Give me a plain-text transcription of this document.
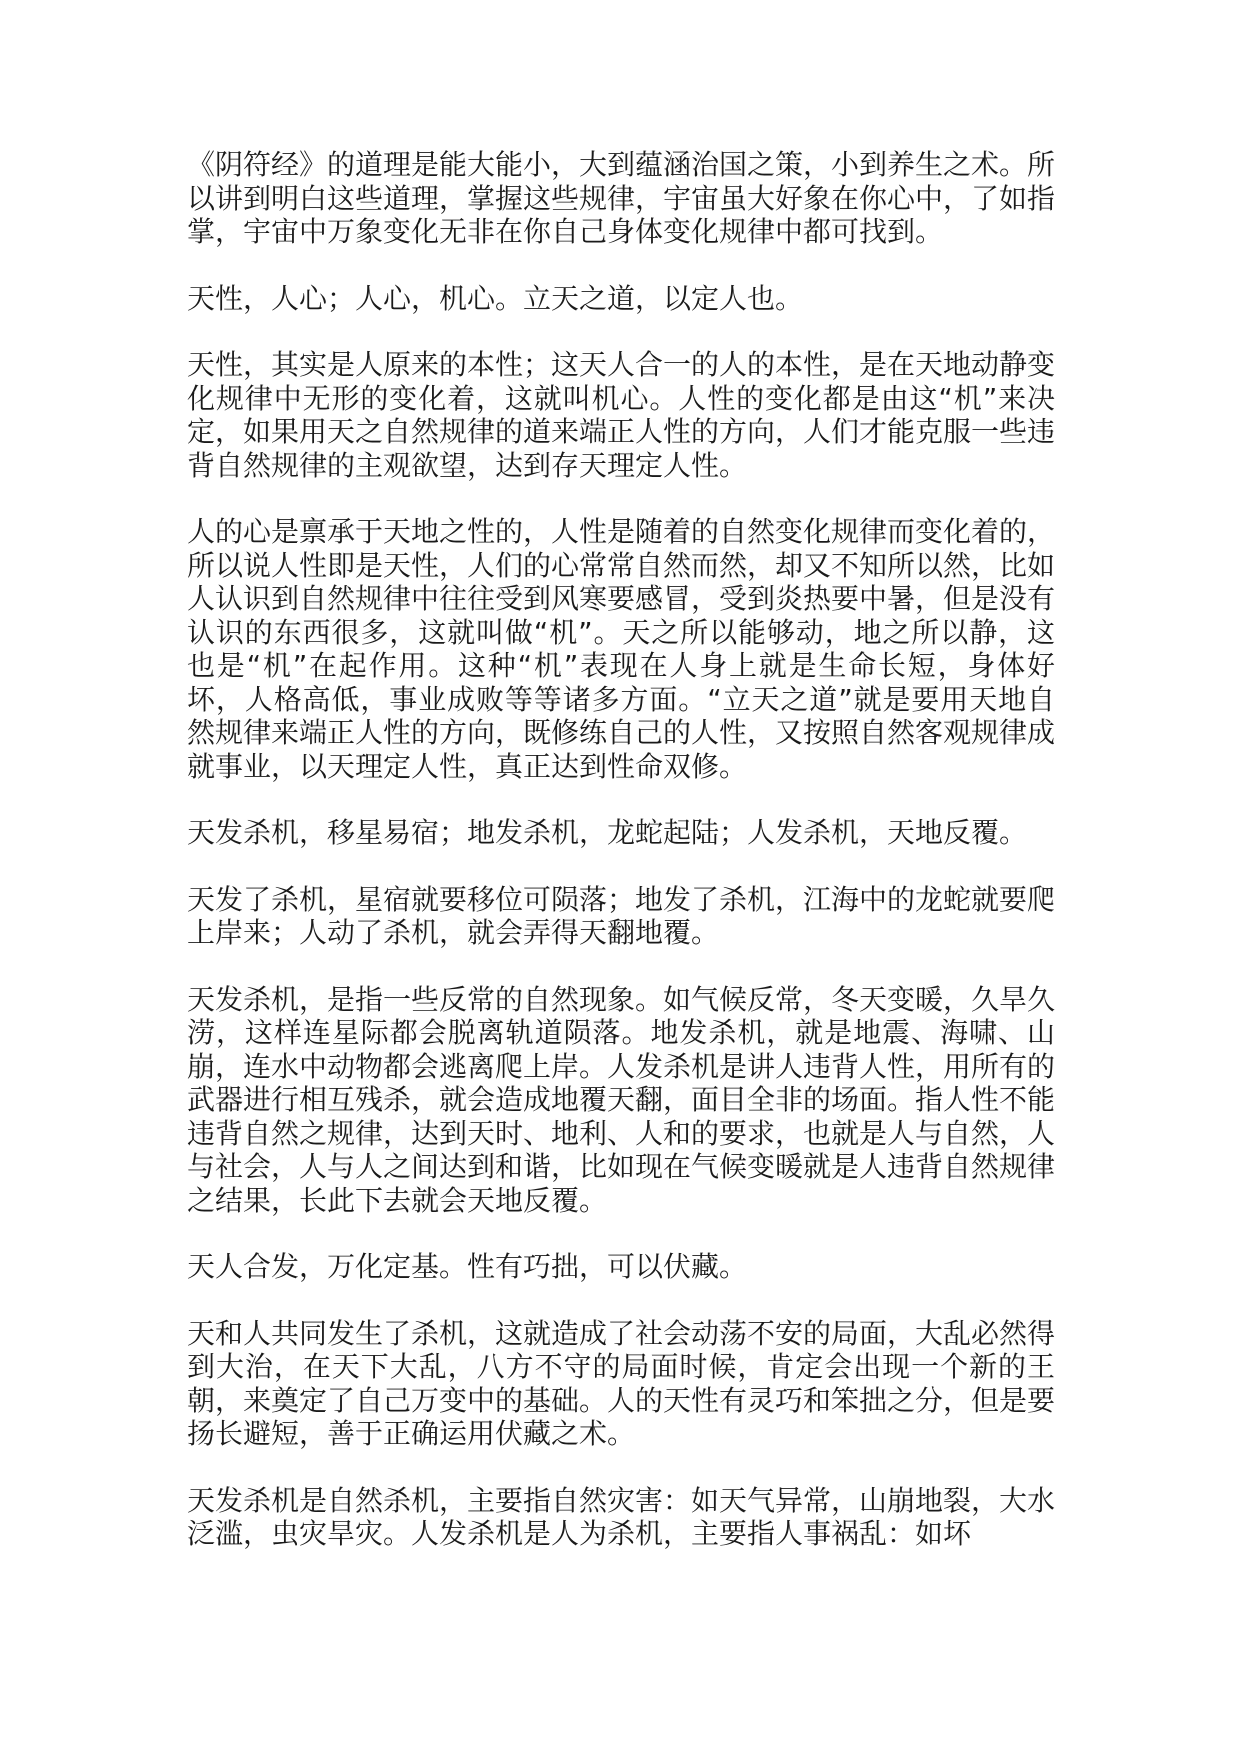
《阴符经》的道理是能大能小，大到蕴涵治国之策，小到养生之术。所以讲到明白这些道理，掌握这些规律，宇宙虽大好象在你心中，了如指掌，宇宙中万象变化无非在你自己身体变化规律中都可找到。

天性，人心；人心，机心。立天之道，以定人也。

天性，其实是人原来的本性；这天人合一的人的本性，是在天地动静变化规律中无形的变化着，这就叫机心。人性的变化都是由这“机”来决定，如果用天之自然规律的道来端正人性的方向，人们才能克服一些违背自然规律的主观欲望，达到存天理定人性。

人的心是禀承于天地之性的，人性是随着的自然变化规律而变化着的，所以说人性即是天性，人们的心常常自然而然，却又不知所以然，比如人认识到自然规律中往往受到风寒要感冒，受到炎热要中暑，但是没有认识的东西很多，这就叫做“机”。天之所以能够动，地之所以静，这也是“机”在起作用。这种“机”表现在人身上就是生命长短，身体好坏，人格高低，事业成败等等诸多方面。“立天之道”就是要用天地自然规律来端正人性的方向，既修练自己的人性，又按照自然客观规律成就事业，以天理定人性，真正达到性命双修。

天发杀机，移星易宿；地发杀机，龙蛇起陆；人发杀机，天地反覆。

天发了杀机，星宿就要移位可陨落；地发了杀机，江海中的龙蛇就要爬上岸来；人动了杀机，就会弄得天翻地覆。

天发杀机，是指一些反常的自然现象。如气候反常，冬天变暖，久旱久涝，这样连星际都会脱离轨道陨落。地发杀机，就是地震、海啸、山崩，连水中动物都会逃离爬上岸。人发杀机是讲人违背人性，用所有的武器进行相互残杀，就会造成地覆天翻，面目全非的场面。指人性不能违背自然之规律，达到天时、地利、人和的要求，也就是人与自然，人与社会，人与人之间达到和谐，比如现在气候变暖就是人违背自然规律之结果，长此下去就会天地反覆。

天人合发，万化定基。性有巧拙，可以伏藏。

天和人共同发生了杀机，这就造成了社会动荡不安的局面，大乱必然得到大治，在天下大乱，八方不守的局面时候，肯定会出现一个新的王朝，来奠定了自己万变中的基础。人的天性有灵巧和笨拙之分，但是要扬长避短，善于正确运用伏藏之术。

天发杀机是自然杀机，主要指自然灾害：如天气异常，山崩地裂，大水泛滥，虫灾旱灾。人发杀机是人为杀机，主要指人事祸乱：如坏
